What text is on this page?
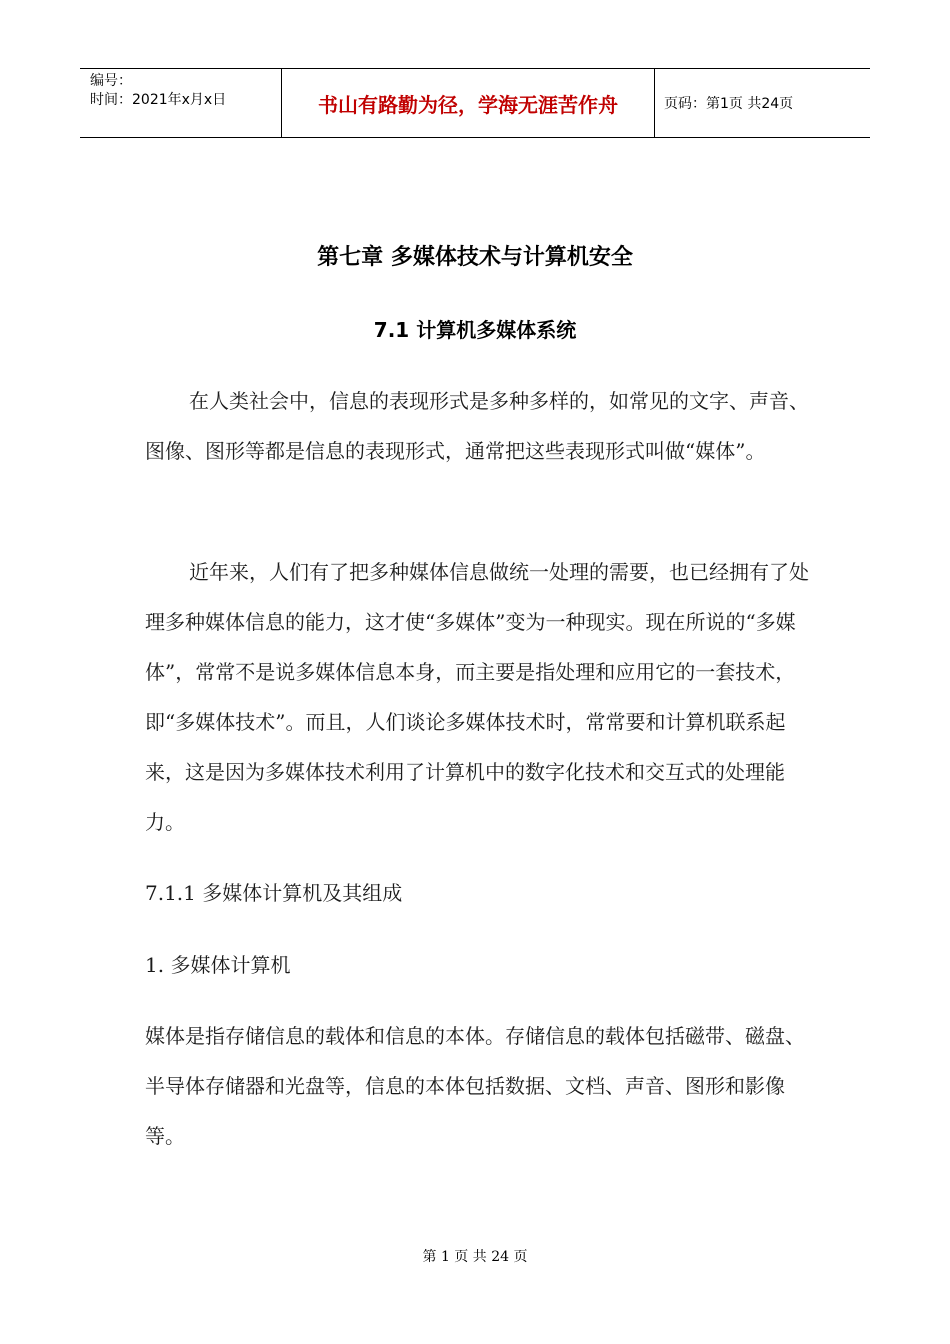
编号：
时间：2021年x月x日	书山有路勤为径，学海无涯苦作舟	页码：第1页 共24页
第七章 多媒体技术与计算机安全
7.1 计算机多媒体系统
在人类社会中，信息的表现形式是多种多样的，如常见的文字、声音、图像、图形等都是信息的表现形式，通常把这些表现形式叫做“媒体”。
近年来，人们有了把多种媒体信息做统一处理的需要，也已经拥有了处理多种媒体信息的能力，这才使“多媒体”变为一种现实。现在所说的“多媒体”，常常不是说多媒体信息本身，而主要是指处理和应用它的一套技术，即“多媒体技术”。而且，人们谈论多媒体技术时，常常要和计算机联系起来，这是因为多媒体技术利用了计算机中的数字化技术和交互式的处理能力。
7.1.1 多媒体计算机及其组成
1. 多媒体计算机
媒体是指存储信息的载体和信息的本体。存储信息的载体包括磁带、磁盘、半导体存储器和光盘等，信息的本体包括数据、文档、声音、图形和影像等。
第 1 页 共 24 页
